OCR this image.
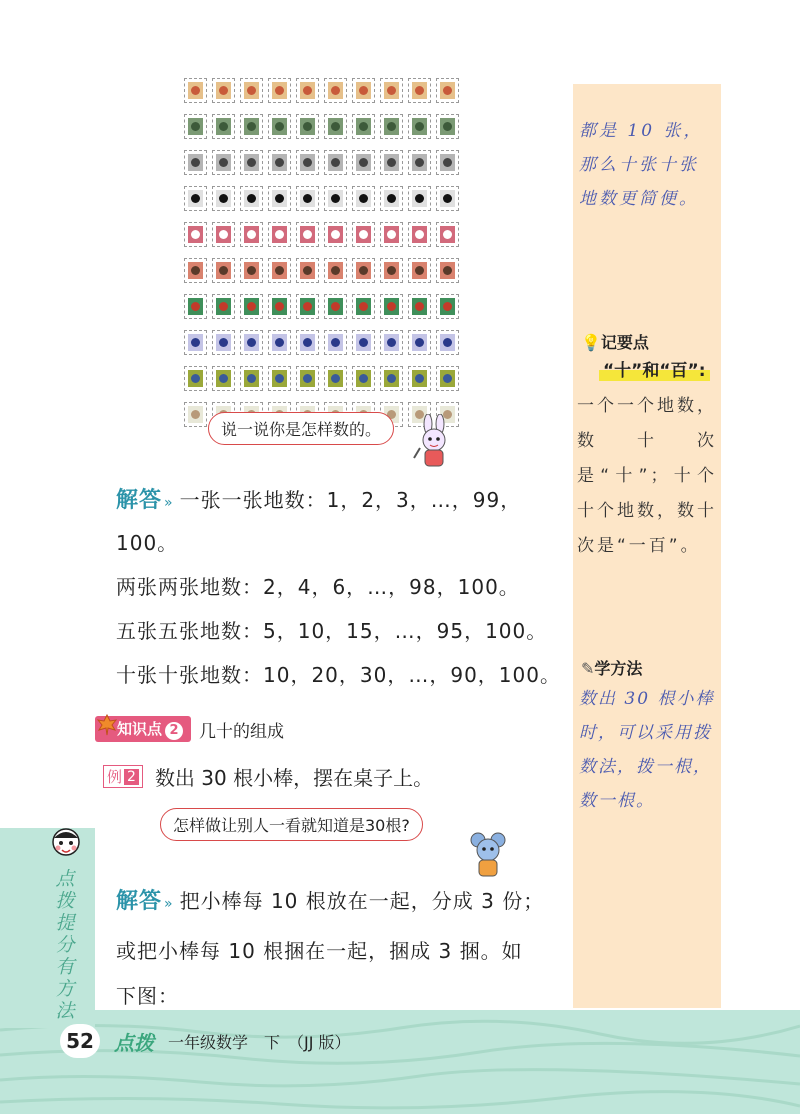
点
拨
提
分
有
方
法
说一说你是怎样数的。
解答 » 一张一张地数：1，2，3，…，99，
100。
两张两张地数：2，4，6，…，98，100。
五张五张地数：5，10，15，…，95，100。
十张十张地数：10，20，30，…，90，100。
知识点 2	几十的组成
例 2 数出 30 根小棒，摆在桌子上。
怎样做让别人一看就知道是30根?
解答 » 把小棒每 10 根放在一起，分成 3 份；
或把小棒每 10 根捆在一起，捆成 3 捆。如
下图：
都是 10 张，那么十张十张地数更简便。
💡记要点
“十”和“百”:
一个一个地数，数十次是“十”；十个十个地数，数十次是“一百”。
✎学方法
数出 30 根小棒时，可以采用拨数法，拨一根，数一根。
52	点拨 一年级数学　下　（JJ 版）
